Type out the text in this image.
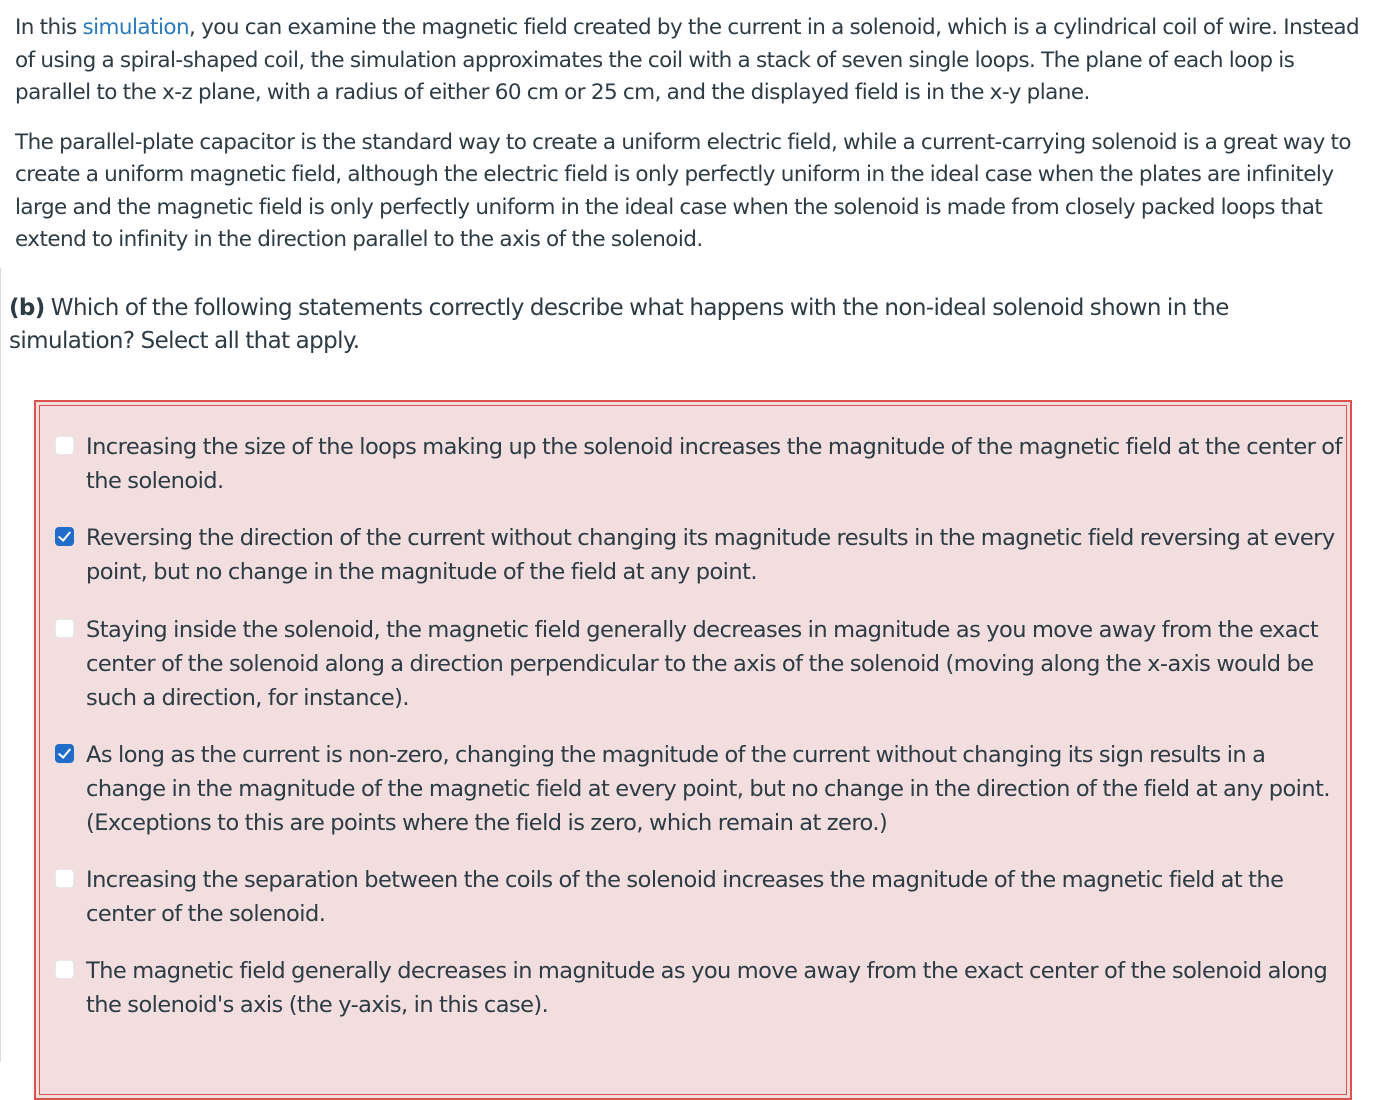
In this simulation, you can examine the magnetic field created by the current in a solenoid, which is a cylindrical coil of wire. Instead of using a spiral-shaped coil, the simulation approximates the coil with a stack of seven single loops. The plane of each loop is parallel to the x-z plane, with a radius of either 60 cm or 25 cm, and the displayed field is in the x-y plane.

The parallel-plate capacitor is the standard way to create a uniform electric field, while a current-carrying solenoid is a great way to create a uniform magnetic field, although the electric field is only perfectly uniform in the ideal case when the plates are infinitely large and the magnetic field is only perfectly uniform in the ideal case when the solenoid is made from closely packed loops that extend to infinity in the direction parallel to the axis of the solenoid.

(b) Which of the following statements correctly describe what happens with the non-ideal solenoid shown in the simulation? Select all that apply.
Increasing the size of the loops making up the solenoid increases the magnitude of the magnetic field at the center of the solenoid.
Reversing the direction of the current without changing its magnitude results in the magnetic field reversing at every point, but no change in the magnitude of the field at any point.
Staying inside the solenoid, the magnetic field generally decreases in magnitude as you move away from the exact center of the solenoid along a direction perpendicular to the axis of the solenoid (moving along the x-axis would be such a direction, for instance).
As long as the current is non-zero, changing the magnitude of the current without changing its sign results in a change in the magnitude of the magnetic field at every point, but no change in the direction of the field at any point. (Exceptions to this are points where the field is zero, which remain at zero.)
Increasing the separation between the coils of the solenoid increases the magnitude of the magnetic field at the center of the solenoid.
The magnetic field generally decreases in magnitude as you move away from the exact center of the solenoid along the solenoid's axis (the y-axis, in this case).
